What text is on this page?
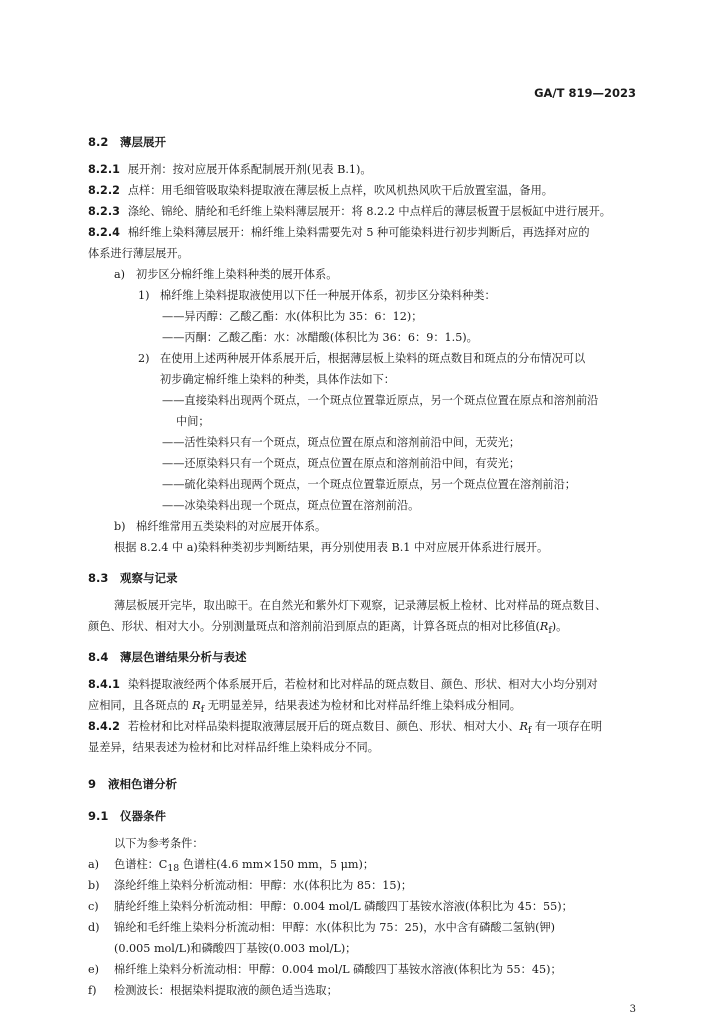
GA/T 819—2023
8.2 薄层展开
8.2.1 展开剂：按对应展开体系配制展开剂(见表 B.1)。
8.2.2 点样：用毛细管吸取染料提取液在薄层板上点样，吹风机热风吹干后放置室温，备用。
8.2.3 涤纶、锦纶、腈纶和毛纤维上染料薄层展开：将 8.2.2 中点样后的薄层板置于层板缸中进行展开。
8.2.4 棉纤维上染料薄层展开：棉纤维上染料需要先对 5 种可能染料进行初步判断后，再选择对应的
体系进行薄层展开。
a) 初步区分棉纤维上染料种类的展开体系。
1) 棉纤维上染料提取液使用以下任一种展开体系，初步区分染料种类：
——异丙醇：乙酸乙酯：水(体积比为 35：6：12)；
——丙酮：乙酸乙酯：水：冰醋酸(体积比为 36：6：9：1.5)。
2) 在使用上述两种展开体系展开后，根据薄层板上染料的斑点数目和斑点的分布情况可以
初步确定棉纤维上染料的种类，具体作法如下：
——直接染料出现两个斑点，一个斑点位置靠近原点，另一个斑点位置在原点和溶剂前沿
中间；
——活性染料只有一个斑点，斑点位置在原点和溶剂前沿中间，无荧光；
——还原染料只有一个斑点，斑点位置在原点和溶剂前沿中间，有荧光；
——硫化染料出现两个斑点，一个斑点位置靠近原点，另一个斑点位置在溶剂前沿；
——冰染染料出现一个斑点，斑点位置在溶剂前沿。
b) 棉纤维常用五类染料的对应展开体系。
根据 8.2.4 中 a)染料种类初步判断结果，再分别使用表 B.1 中对应展开体系进行展开。
8.3 观察与记录
薄层板展开完毕，取出晾干。在自然光和紫外灯下观察，记录薄层板上检材、比对样品的斑点数目、
颜色、形状、相对大小。分别测量斑点和溶剂前沿到原点的距离，计算各斑点的相对比移值$(R_f)$。
8.4 薄层色谱结果分析与表述
8.4.1 染料提取液经两个体系展开后，若检材和比对样品的斑点数目、颜色、形状、相对大小均分别对
应相同，且各斑点的 $R_f$ 无明显差异，结果表述为检材和比对样品纤维上染料成分相同。
8.4.2 若检材和比对样品染料提取液薄层展开后的斑点数目、颜色、形状、相对大小、$R_f$ 有一项存在明
显差异，结果表述为检材和比对样品纤维上染料成分不同。
9 液相色谱分析
9.1 仪器条件
以下为参考条件：
a) 色谱柱：$C_{18}$ 色谱柱(4.6 mm×150 mm，5 μm)；
b) 涤纶纤维上染料分析流动相：甲醇：水(体积比为 85：15)；
c) 腈纶纤维上染料分析流动相：甲醇：0.004 mol/L 磷酸四丁基铵水溶液(体积比为 45：55)；
d) 锦纶和毛纤维上染料分析流动相：甲醇：水(体积比为 75：25)，水中含有磷酸二氢钠(钾)
(0.005 mol/L)和磷酸四丁基铵(0.003 mol/L)；
e) 棉纤维上染料分析流动相：甲醇：0.004 mol/L 磷酸四丁基铵水溶液(体积比为 55：45)；
f) 检测波长：根据染料提取液的颜色适当选取；
3
